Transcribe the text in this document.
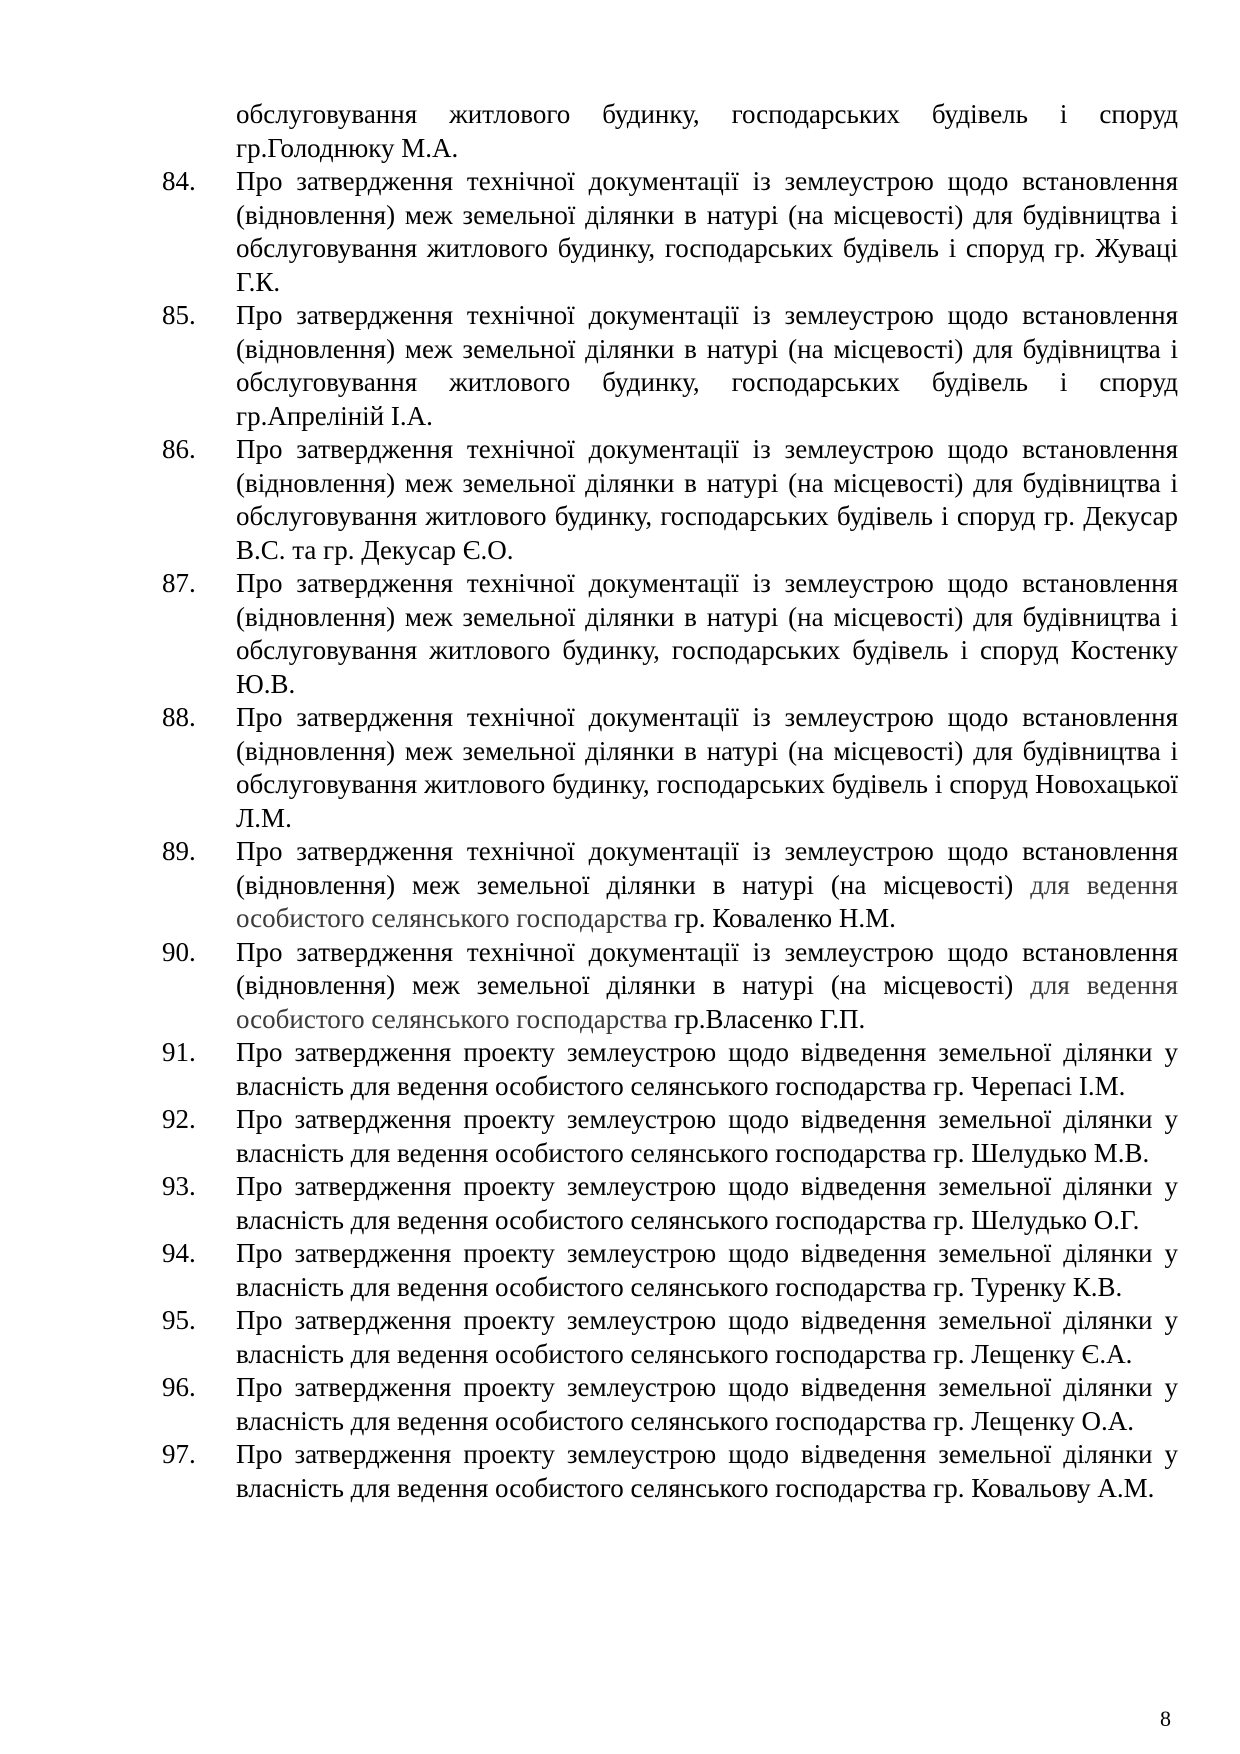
обслуговування житлового будинку, господарських будівель і споруд гр.Голоднюку М.А.
84.	Про затвердження технічної документації із землеустрою щодо встановлення (відновлення) меж земельної ділянки в натурі (на місцевості) для будівництва і обслуговування житлового будинку, господарських будівель і споруд гр. Жуваці Г.К.
85.	Про затвердження технічної документації із землеустрою щодо встановлення (відновлення) меж земельної ділянки в натурі (на місцевості) для будівництва і обслуговування житлового будинку, господарських будівель і споруд гр.Апреліній І.А.
86.	Про затвердження технічної документації із землеустрою щодо встановлення (відновлення) меж земельної ділянки в натурі (на місцевості) для будівництва і обслуговування житлового будинку, господарських будівель і споруд гр. Декусар В.С. та гр. Декусар Є.О.
87.	Про затвердження технічної документації із землеустрою щодо встановлення (відновлення) меж земельної ділянки в натурі (на місцевості) для будівництва і обслуговування житлового будинку, господарських будівель і споруд Костенку Ю.В.
88.	Про затвердження технічної документації із землеустрою щодо встановлення (відновлення) меж земельної ділянки в натурі (на місцевості) для будівництва і обслуговування житлового будинку, господарських будівель і споруд Новохацької Л.М.
89.	Про затвердження технічної документації із землеустрою щодо встановлення (відновлення) меж земельної ділянки в натурі (на місцевості) для ведення особистого селянського господарства гр. Коваленко Н.М.
90.	Про затвердження технічної документації із землеустрою щодо встановлення (відновлення) меж земельної ділянки в натурі (на місцевості) для ведення особистого селянського господарства гр.Власенко Г.П.
91.	Про затвердження проекту землеустрою щодо відведення земельної ділянки у власність для ведення особистого селянського господарства гр. Черепасі І.М.
92.	Про затвердження проекту землеустрою щодо відведення земельної ділянки у власність для ведення особистого селянського господарства гр. Шелудько М.В.
93.	Про затвердження проекту землеустрою щодо відведення земельної ділянки у власність для ведення особистого селянського господарства гр. Шелудько О.Г.
94.	Про затвердження проекту землеустрою щодо відведення земельної ділянки у власність для ведення особистого селянського господарства гр. Туренку К.В.
95.	Про затвердження проекту землеустрою щодо відведення земельної ділянки у власність для ведення особистого селянського господарства гр. Лещенку Є.А.
96.	Про затвердження проекту землеустрою щодо відведення земельної ділянки у власність для ведення особистого селянського господарства гр. Лещенку О.А.
97.	Про затвердження проекту землеустрою щодо відведення земельної ділянки у власність для ведення особистого селянського господарства гр. Ковальову А.М.
8
